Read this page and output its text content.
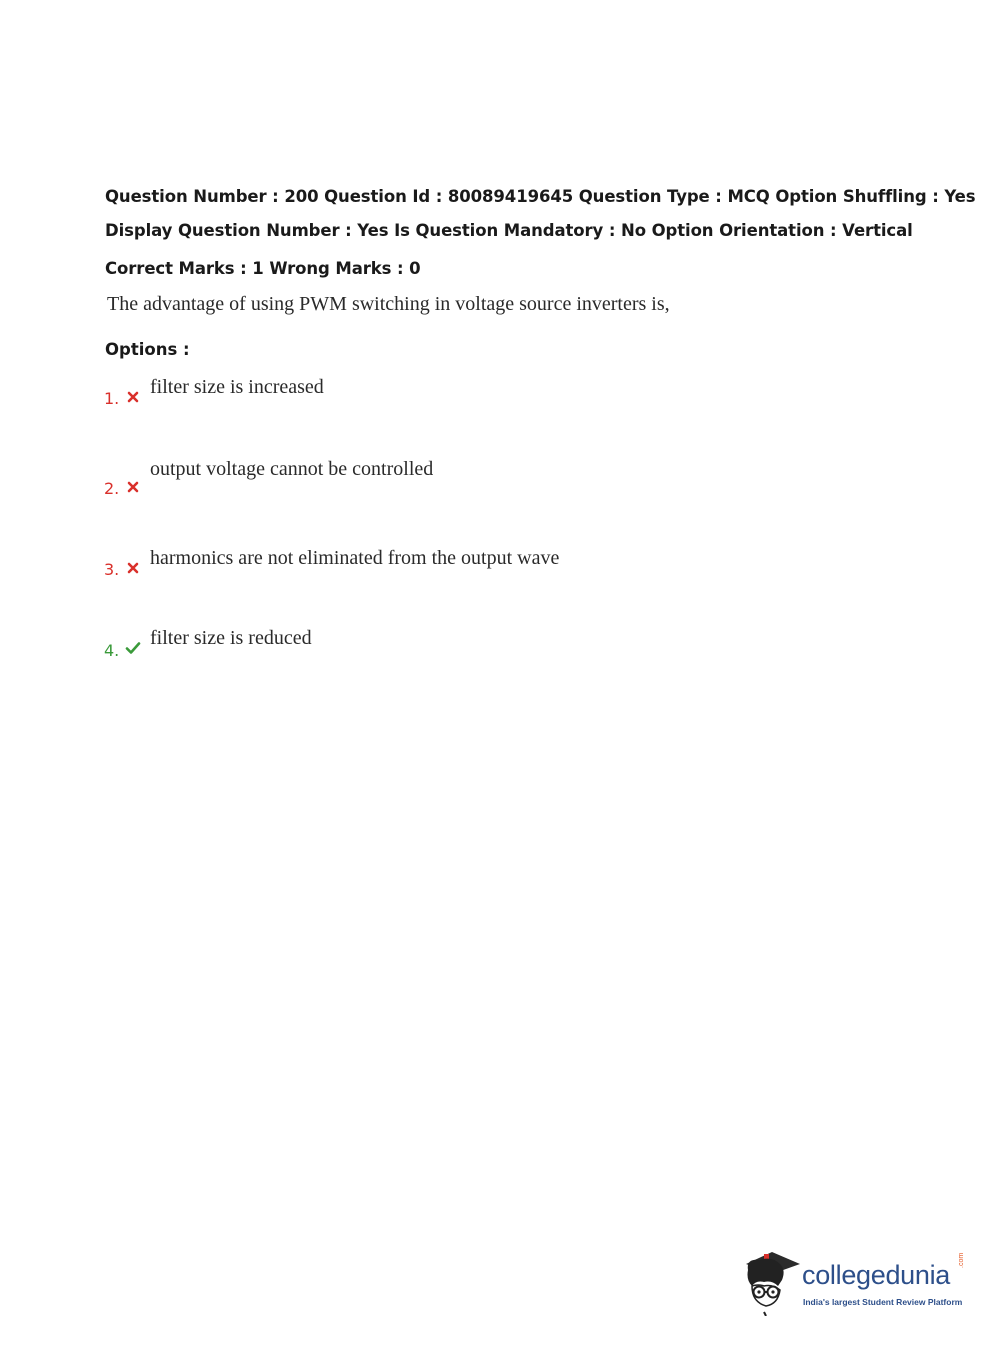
Question Number : 200 Question Id : 80089419645 Question Type : MCQ Option Shuffling : Yes
Display Question Number : Yes Is Question Mandatory : No Option Orientation : Vertical
Correct Marks : 1 Wrong Marks : 0
The advantage of using PWM switching in voltage source inverters is,
Options :
1.
filter size is increased
2.
output voltage cannot be controlled
3.
harmonics are not eliminated from the output wave
4.
filter size is reduced
collegedunia .com
India's largest Student Review Platform
